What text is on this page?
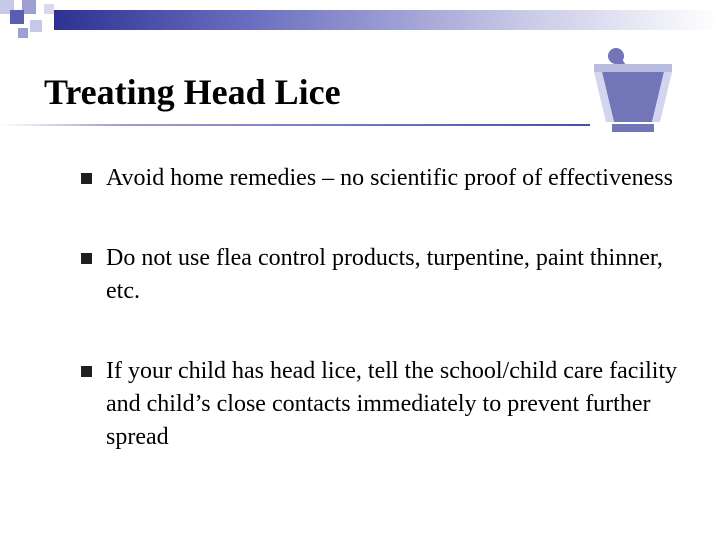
Treating Head Lice
Avoid home remedies – no scientific proof of effectiveness
Do not use flea control products, turpentine, paint thinner, etc.
If your child has head lice, tell the school/child care facility and child’s close contacts immediately to prevent further spread
